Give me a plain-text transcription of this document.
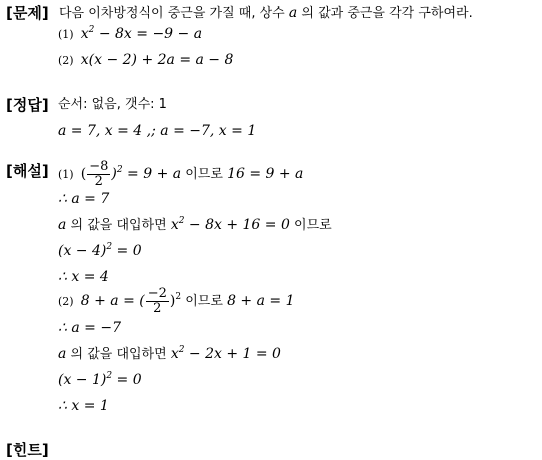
[문제] 다음 이차방정식이 중근을 가질 때, 상수 a 의 값과 중근을 각각 구하여라.
(1) $x^2 - 8x = -9 - a$
(2) x(x − 2) + 2a = a − 8
[정답] 순서: 없음, 갯수: 1
a = 7, x = 4 ,; a = −7, x = 1
[해설] (1) ( $\frac{-8}{2} )^2 = 9 + a$ 이므로 16 = 9 + a
∴ a = 7
a 의 값을 대입하면 $x^2 - 8x + 16 = 0$ 이므로
$(x - 4)^2 = 0$
∴ x = 4
(2) 8 + a = ( $\frac{-2}{2} )^2$ 이므로 8 + a = 1
∴ a = −7
a 의 값을 대입하면 $x^2 - 2x + 1 = 0$
$(x - 1)^2 = 0$
∴ x = 1
[힌트]
